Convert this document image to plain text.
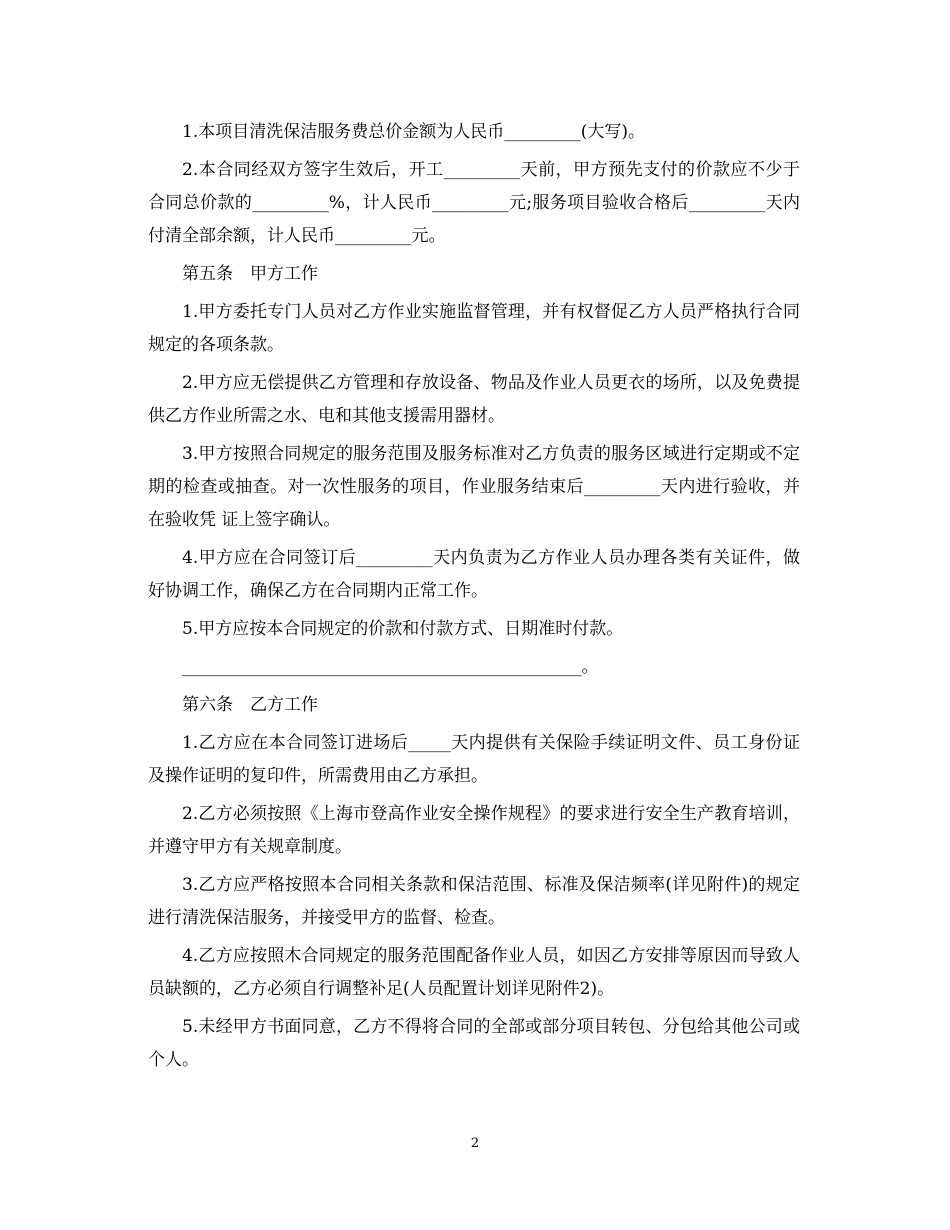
1.本项目清洗保洁服务费总价金额为人民币_________(大写)。

2.本合同经双方签字生效后，开工_________天前，甲方预先支付的价款应不少于合同总价款的_________%，计人民币_________元;服务项目验收合格后_________天内付清全部余额，计人民币_________元。

第五条　甲方工作

1.甲方委托专门人员对乙方作业实施监督管理，并有权督促乙方人员严格执行合同规定的各项条款。

2.甲方应无偿提供乙方管理和存放设备、物品及作业人员更衣的场所，以及免费提供乙方作业所需之水、电和其他支援需用器材。

3.甲方按照合同规定的服务范围及服务标准对乙方负责的服务区域进行定期或不定期的检查或抽查。对一次性服务的项目，作业服务结束后_________天内进行验收，并在验收凭 证上签字确认。

4.甲方应在合同签订后_________天内负责为乙方作业人员办理各类有关证件，做好协调工作，确保乙方在合同期内正常工作。

5.甲方应按本合同规定的价款和付款方式、日期准时付款。

_______________________________________________。

第六条　乙方工作

1.乙方应在本合同签订进场后_____天内提供有关保险手续证明文件、员工身份证及操作证明的复印件，所需费用由乙方承担。

2.乙方必须按照《上海市登高作业安全操作规程》的要求进行安全生产教育培训，并遵守甲方有关规章制度。

3.乙方应严格按照本合同相关条款和保洁范围、标准及保洁频率(详见附件)的规定进行清洗保洁服务，并接受甲方的监督、检查。

4.乙方应按照木合同规定的服务范围配备作业人员，如因乙方安排等原因而导致人员缺额的，乙方必须自行调整补足(人员配置计划详见附件2)。

5.未经甲方书面同意，乙方不得将合同的全部或部分项目转包、分包给其他公司或个人。

2
